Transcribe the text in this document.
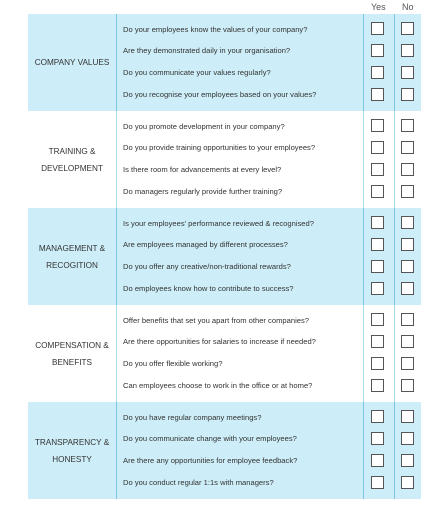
Yes No
COMPANY VALUES
Do your employees know the values of your company?
Are they demonstrated daily in your organisation?
Do you communicate your values regularly?
Do you recognise your employees based on your values?
TRAINING &
DEVELOPMENT
Do you promote development in your company?
Do you provide training opportunities to your employees?
Is there room for advancements at every level?
Do managers regularly provide further training?
MANAGEMENT &
RECOGITION
Is your employees' performance reviewed & recognised?
Are employees managed by different processes?
Do you offer any creative/non-traditional rewards?
Do employees know how to contribute to success?
COMPENSATION &
BENEFITS
Offer benefits that set you apart from other companies?
Are there opportunities for salaries to increase if needed?
Do you offer flexible working?
Can employees choose to work in the office or at home?
TRANSPARENCY &
HONESTY
Do you have regular company meetings?
Do you communicate change with your employees?
Are there any opportunities for employee feedback?
Do you conduct regular 1:1s with managers?
